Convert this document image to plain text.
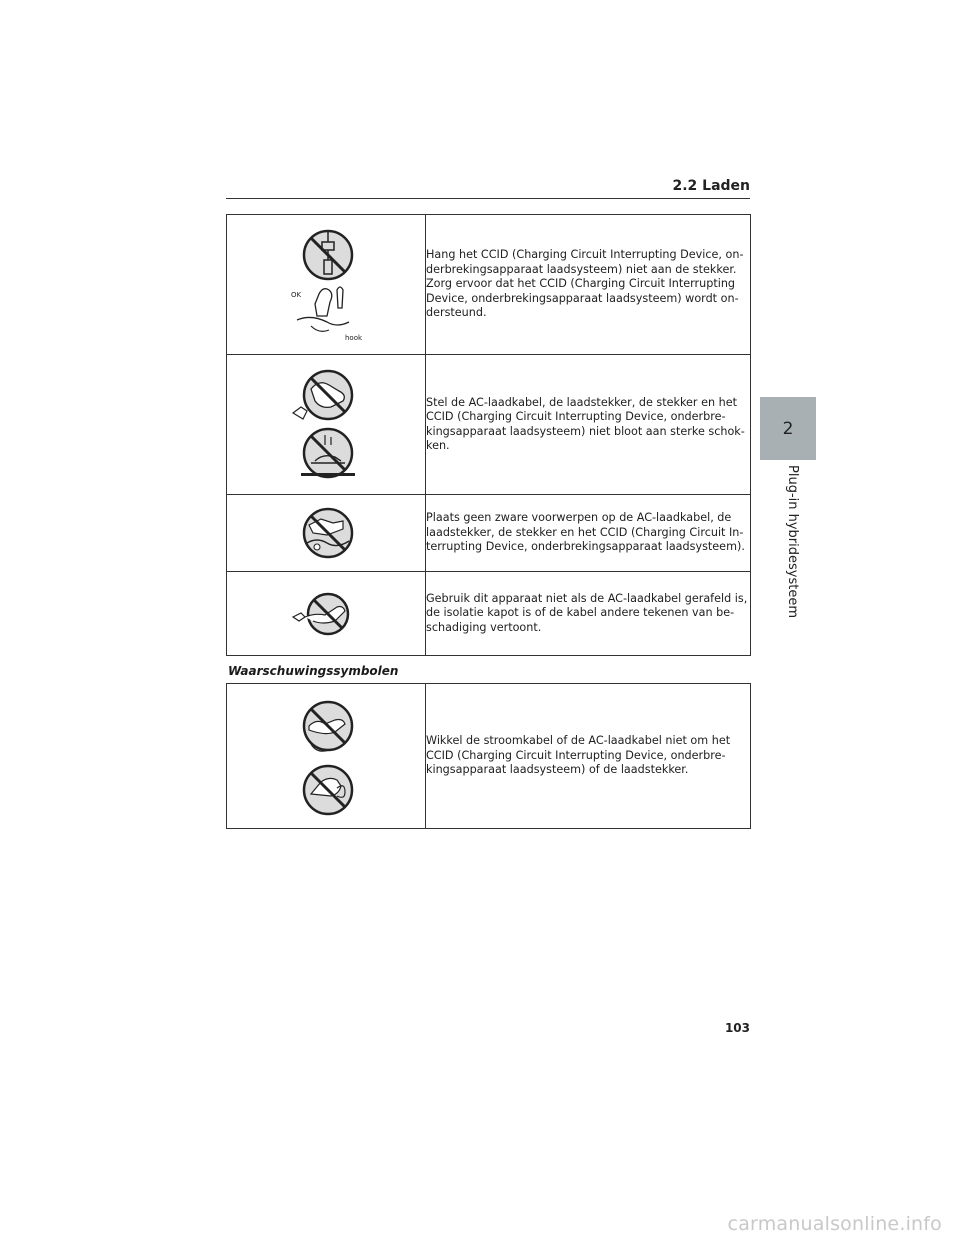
2.2 Laden
2
Plug-in hybridesysteem
OK
hook	Hang het CCID (Charging Circuit Interrupting Device, onderbrekingsapparaat laadsysteem) niet aan de stekker. Zorg ervoor dat het CCID (Charging Circuit Interrupting Device, onderbrekingsapparaat laadsysteem) wordt ondersteund.

	Stel de AC-laadkabel, de laadstekker, de stekker en het CCID (Charging Circuit Interrupting Device, onderbrekingsapparaat laadsysteem) niet bloot aan sterke schokken.

	Plaats geen zware voorwerpen op de AC-laadkabel, de laadstekker, de stekker en het CCID (Charging Circuit Interrupting Device, onderbrekingsapparaat laadsysteem).

	Gebruik dit apparaat niet als de AC-laadkabel gerafeld is, de isolatie kapot is of de kabel andere tekenen van beschadiging vertoont.
Waarschuwingssymbolen
	Wikkel de stroomkabel of de AC-laadkabel niet om het CCID (Charging Circuit Interrupting Device, onderbrekingsapparaat laadsysteem) of de laadstekker.
103
carmanualsonline.info
